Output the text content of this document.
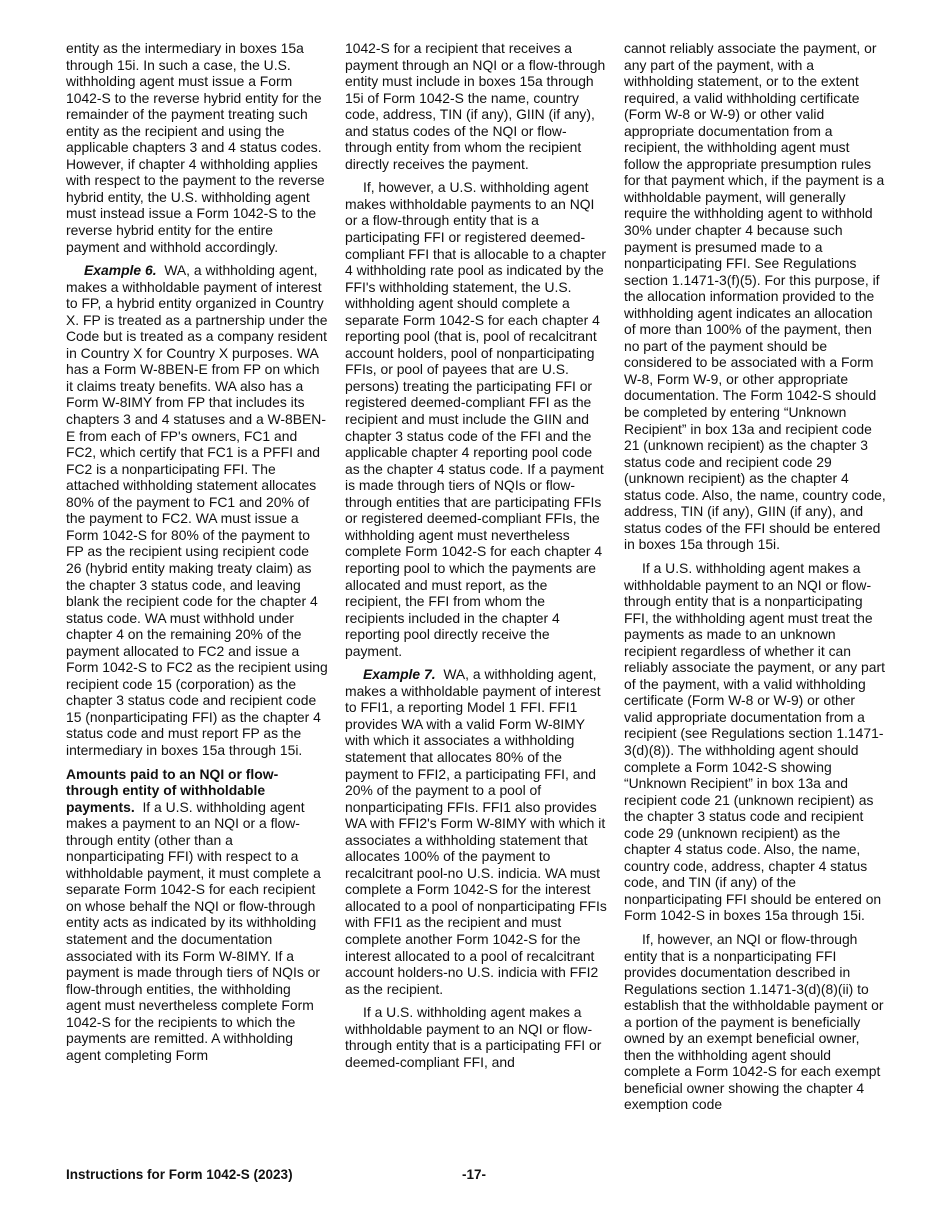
entity as the intermediary in boxes 15a through 15i. In such a case, the U.S. withholding agent must issue a Form 1042-S to the reverse hybrid entity for the remainder of the payment treating such entity as the recipient and using the applicable chapters 3 and 4 status codes. However, if chapter 4 withholding applies with respect to the payment to the reverse hybrid entity, the U.S. withholding agent must instead issue a Form 1042-S to the reverse hybrid entity for the entire payment and withhold accordingly.

Example 6. WA, a withholding agent, makes a withholdable payment of interest to FP, a hybrid entity organized in Country X. FP is treated as a partnership under the Code but is treated as a company resident in Country X for Country X purposes. WA has a Form W-8BEN-E from FP on which it claims treaty benefits. WA also has a Form W-8IMY from FP that includes its chapters 3 and 4 statuses and a W-8BEN-E from each of FP's owners, FC1 and FC2, which certify that FC1 is a PFFI and FC2 is a nonparticipating FFI. The attached withholding statement allocates 80% of the payment to FC1 and 20% of the payment to FC2. WA must issue a Form 1042-S for 80% of the payment to FP as the recipient using recipient code 26 (hybrid entity making treaty claim) as the chapter 3 status code, and leaving blank the recipient code for the chapter 4 status code. WA must withhold under chapter 4 on the remaining 20% of the payment allocated to FC2 and issue a Form 1042-S to FC2 as the recipient using recipient code 15 (corporation) as the chapter 3 status code and recipient code 15 (nonparticipating FFI) as the chapter 4 status code and must report FP as the intermediary in boxes 15a through 15i.

Amounts paid to an NQI or flow-through entity of withholdable payments. If a U.S. withholding agent makes a payment to an NQI or a flow-through entity (other than a nonparticipating FFI) with respect to a withholdable payment, it must complete a separate Form 1042-S for each recipient on whose behalf the NQI or flow-through entity acts as indicated by its withholding statement and the documentation associated with its Form W-8IMY. If a payment is made through tiers of NQIs or flow-through entities, the withholding agent must nevertheless complete Form 1042-S for the recipients to which the payments are remitted. A withholding agent completing Form

1042-S for a recipient that receives a payment through an NQI or a flow-through entity must include in boxes 15a through 15i of Form 1042-S the name, country code, address, TIN (if any), GIIN (if any), and status codes of the NQI or flow-through entity from whom the recipient directly receives the payment.

If, however, a U.S. withholding agent makes withholdable payments to an NQI or a flow-through entity that is a participating FFI or registered deemed-compliant FFI that is allocable to a chapter 4 withholding rate pool as indicated by the FFI's withholding statement, the U.S. withholding agent should complete a separate Form 1042-S for each chapter 4 reporting pool (that is, pool of recalcitrant account holders, pool of nonparticipating FFIs, or pool of payees that are U.S. persons) treating the participating FFI or registered deemed-compliant FFI as the recipient and must include the GIIN and chapter 3 status code of the FFI and the applicable chapter 4 reporting pool code as the chapter 4 status code. If a payment is made through tiers of NQIs or flow-through entities that are participating FFIs or registered deemed-compliant FFIs, the withholding agent must nevertheless complete Form 1042-S for each chapter 4 reporting pool to which the payments are allocated and must report, as the recipient, the FFI from whom the recipients included in the chapter 4 reporting pool directly receive the payment.

Example 7. WA, a withholding agent, makes a withholdable payment of interest to FFI1, a reporting Model 1 FFI. FFI1 provides WA with a valid Form W-8IMY with which it associates a withholding statement that allocates 80% of the payment to FFI2, a participating FFI, and 20% of the payment to a pool of nonparticipating FFIs. FFI1 also provides WA with FFI2's Form W-8IMY with which it associates a withholding statement that allocates 100% of the payment to recalcitrant pool-no U.S. indicia. WA must complete a Form 1042-S for the interest allocated to a pool of nonparticipating FFIs with FFI1 as the recipient and must complete another Form 1042-S for the interest allocated to a pool of recalcitrant account holders-no U.S. indicia with FFI2 as the recipient.

If a U.S. withholding agent makes a withholdable payment to an NQI or flow-through entity that is a participating FFI or deemed-compliant FFI, and

cannot reliably associate the payment, or any part of the payment, with a withholding statement, or to the extent required, a valid withholding certificate (Form W-8 or W-9) or other valid appropriate documentation from a recipient, the withholding agent must follow the appropriate presumption rules for that payment which, if the payment is a withholdable payment, will generally require the withholding agent to withhold 30% under chapter 4 because such payment is presumed made to a nonparticipating FFI. See Regulations section 1.1471-3(f)(5). For this purpose, if the allocation information provided to the withholding agent indicates an allocation of more than 100% of the payment, then no part of the payment should be considered to be associated with a Form W-8, Form W-9, or other appropriate documentation. The Form 1042-S should be completed by entering “Unknown Recipient” in box 13a and recipient code 21 (unknown recipient) as the chapter 3 status code and recipient code 29 (unknown recipient) as the chapter 4 status code. Also, the name, country code, address, TIN (if any), GIIN (if any), and status codes of the FFI should be entered in boxes 15a through 15i.

If a U.S. withholding agent makes a withholdable payment to an NQI or flow-through entity that is a nonparticipating FFI, the withholding agent must treat the payments as made to an unknown recipient regardless of whether it can reliably associate the payment, or any part of the payment, with a valid withholding certificate (Form W-8 or W-9) or other valid appropriate documentation from a recipient (see Regulations section 1.1471-3(d)(8)). The withholding agent should complete a Form 1042-S showing “Unknown Recipient” in box 13a and recipient code 21 (unknown recipient) as the chapter 3 status code and recipient code 29 (unknown recipient) as the chapter 4 status code. Also, the name, country code, address, chapter 4 status code, and TIN (if any) of the nonparticipating FFI should be entered on Form 1042-S in boxes 15a through 15i.

If, however, an NQI or flow-through entity that is a nonparticipating FFI provides documentation described in Regulations section 1.1471-3(d)(8)(ii) to establish that the withholdable payment or a portion of the payment is beneficially owned by an exempt beneficial owner, then the withholding agent should complete a Form 1042-S for each exempt beneficial owner showing the chapter 4 exemption code

Instructions for Form 1042-S (2023)	-17-
